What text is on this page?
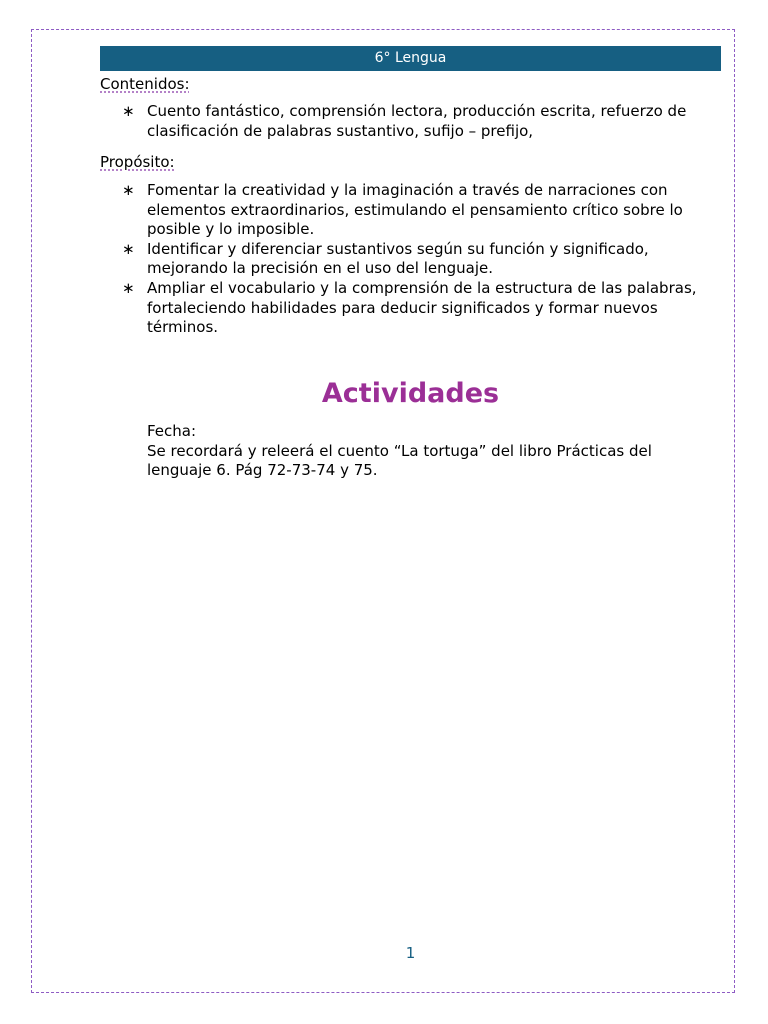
6° Lengua
Contenidos:
∗ Cuento fantástico, comprensión lectora, producción escrita, refuerzo de clasificación de palabras sustantivo, sufijo – prefijo,
Propósito:
∗ Fomentar la creatividad y la imaginación a través de narraciones con elementos extraordinarios, estimulando el pensamiento crítico sobre lo posible y lo imposible.
∗ Identificar y diferenciar sustantivos según su función y significado, mejorando la precisión en el uso del lenguaje.
∗ Ampliar el vocabulario y la comprensión de la estructura de las palabras, fortaleciendo habilidades para deducir significados y formar nuevos términos.
Actividades
Fecha:
Se recordará y releerá el cuento “La tortuga” del libro Prácticas del lenguaje 6. Pág 72-73-74 y 75.
1
